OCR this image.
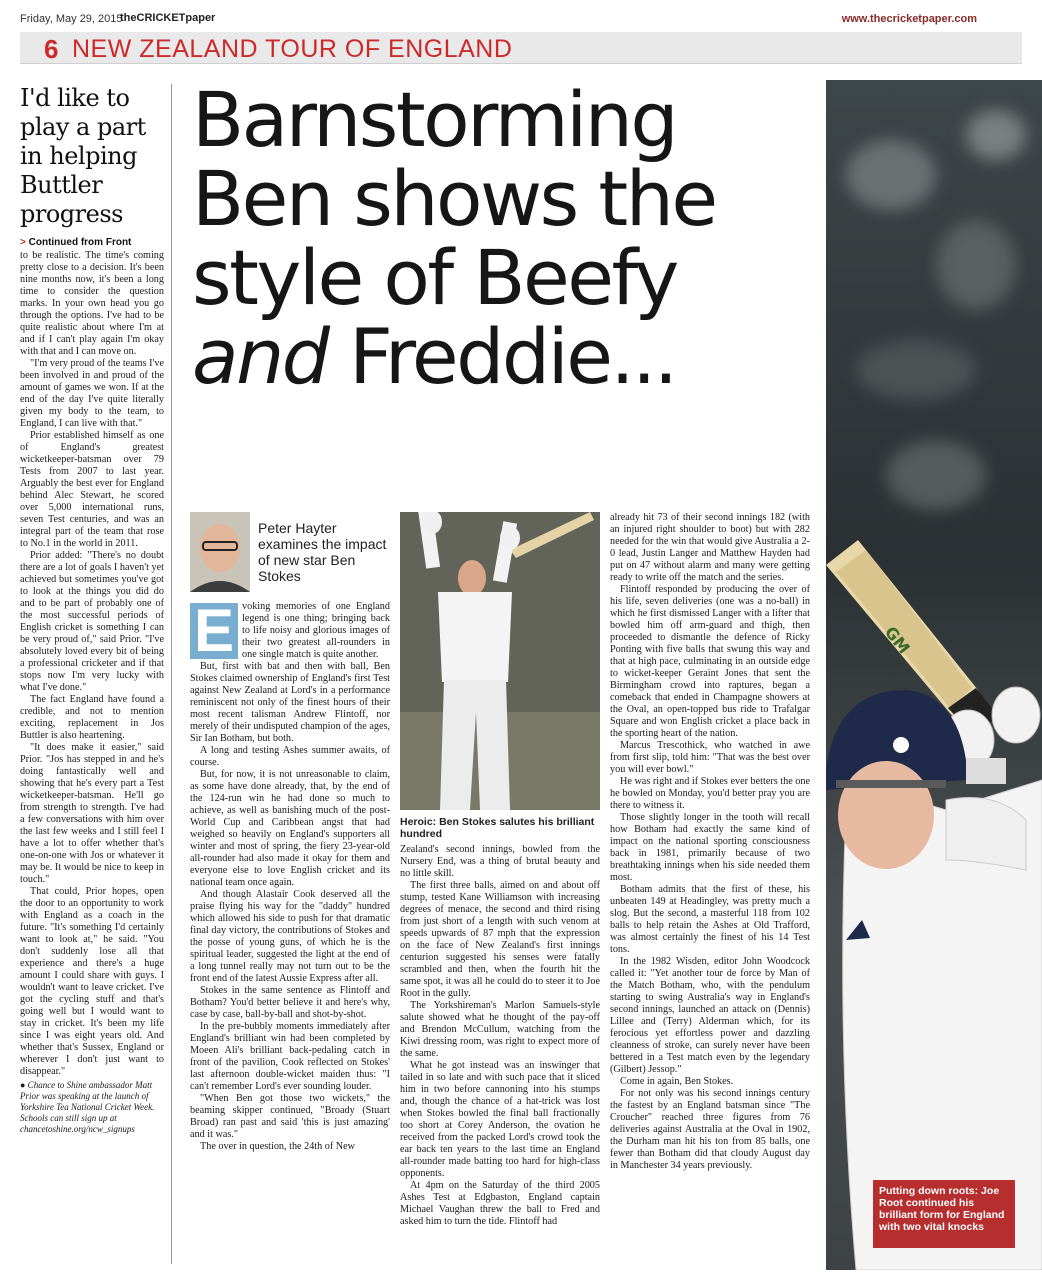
Friday, May 29, 2015
theCRICKETpaper	www.thecricketpaper.com
6 NEW ZEALAND TOUR OF ENGLAND
I'd like to play a part in helping Buttler progress
> Continued from Front

to be realistic. The time's coming pretty close to a decision. It's been nine months now, it's been a long time to consider the question marks. In your own head you go through the options. I've had to be quite realistic about where I'm at and if I can't play again I'm okay with that and I can move on.

"I'm very proud of the teams I've been involved in and proud of the amount of games we won. If at the end of the day I've quite literally given my body to the team, to England, I can live with that."

Prior established himself as one of England's greatest wicketkeeper-batsman over 79 Tests from 2007 to last year. Arguably the best ever for England behind Alec Stewart, he scored over 5,000 international runs, seven Test centuries, and was an integral part of the team that rose to No.1 in the world in 2011.

Prior added: "There's no doubt there are a lot of goals I haven't yet achieved but sometimes you've got to look at the things you did do and to be part of probably one of the most successful periods of English cricket is something I can be very proud of," said Prior. "I've absolutely loved every bit of being a professional cricketer and if that stops now I'm very lucky with what I've done."

The fact England have found a credible, and not to mention exciting, replacement in Jos Buttler is also heartening.

"It does make it easier," said Prior. "Jos has stepped in and he's doing fantastically well and showing that he's every part a Test wicketkeeper-batsman. He'll go from strength to strength. I've had a few conversations with him over the last few weeks and I still feel I have a lot to offer whether that's one-on-one with Jos or whatever it may be. It would be nice to keep in touch."

That could, Prior hopes, open the door to an opportunity to work with England as a coach in the future. "It's something I'd certainly want to look at," he said. "You don't suddenly lose all that experience and there's a huge amount I could share with guys. I wouldn't want to leave cricket. I've got the cycling stuff and that's going well but I would want to stay in cricket. It's been my life since I was eight years old. And whether that's Sussex, England or wherever I don't just want to disappear."

● Chance to Shine ambassador Matt Prior was speaking at the launch of Yorkshire Tea National Cricket Week. Schools can still sign up at chancetoshine.org/ncw_signups
Barnstorming
Ben shows the
style of Beefy
and Freddie...
GM
Putting down roots: Joe Root continued his brilliant form for England with two vital knocks
Peter Hayter examines the impact of new star Ben Stokes

E voking memories of one England legend is one thing; bringing back to life noisy and glorious images of their two greatest all-rounders in one single match is quite another.

But, first with bat and then with ball, Ben Stokes claimed ownership of England's first Test against New Zealand at Lord's in a performance reminiscent not only of the finest hours of their most recent talisman Andrew Flintoff, nor merely of their undisputed champion of the ages, Sir Ian Botham, but both.

A long and testing Ashes summer awaits, of course.

But, for now, it is not unreasonable to claim, as some have done already, that, by the end of the 124-run win he had done so much to achieve, as well as banishing much of the post-World Cup and Caribbean angst that had weighed so heavily on England's supporters all winter and most of spring, the fiery 23-year-old all-rounder had also made it okay for them and everyone else to love English cricket and its national team once again.

And though Alastair Cook deserved all the praise flying his way for the "daddy" hundred which allowed his side to push for that dramatic final day victory, the contributions of Stokes and the posse of young guns, of which he is the spiritual leader, suggested the light at the end of a long tunnel really may not turn out to be the front end of the latest Aussie Express after all.

Stokes in the same sentence as Flintoff and Botham? You'd better believe it and here's why, case by case, ball-by-ball and shot-by-shot.

In the pre-bubbly moments immediately after England's brilliant win had been completed by Moeen Ali's brilliant back-pedaling catch in front of the pavilion, Cook reflected on Stokes' last afternoon double-wicket maiden thus: "I can't remember Lord's ever sounding louder.

"When Ben got those two wickets," the beaming skipper continued, "Broady (Stuart Broad) ran past and said 'this is just amazing' and it was."

The over in question, the 24th of New

Heroic: Ben Stokes salutes his brilliant hundred

Zealand's second innings, bowled from the Nursery End, was a thing of brutal beauty and no little skill.

The first three balls, aimed on and about off stump, tested Kane Williamson with increasing degrees of menace, the second and third rising from just short of a length with such venom at speeds upwards of 87 mph that the expression on the face of New Zealand's first innings centurion suggested his senses were fatally scrambled and then, when the fourth hit the same spot, it was all he could do to steer it to Joe Root in the gully.

The Yorkshireman's Marlon Samuels-style salute showed what he thought of the pay-off and Brendon McCullum, watching from the Kiwi dressing room, was right to expect more of the same.

What he got instead was an inswinger that tailed in so late and with such pace that it sliced him in two before cannoning into his stumps and, though the chance of a hat-trick was lost when Stokes bowled the final ball fractionally too short at Corey Anderson, the ovation he received from the packed Lord's crowd took the ear back ten years to the last time an England all-rounder made batting too hard for high-class opponents.

At 4pm on the Saturday of the third 2005 Ashes Test at Edgbaston, England captain Michael Vaughan threw the ball to Fred and asked him to turn the tide. Flintoff had

already hit 73 of their second innings 182 (with an injured right shoulder to boot) but with 282 needed for the win that would give Australia a 2-0 lead, Justin Langer and Matthew Hayden had put on 47 without alarm and many were getting ready to write off the match and the series.

Flintoff responded by producing the over of his life, seven deliveries (one was a no-ball) in which he first dismissed Langer with a lifter that bowled him off arm-guard and thigh, then proceeded to dismantle the defence of Ricky Ponting with five balls that swung this way and that at high pace, culminating in an outside edge to wicket-keeper Geraint Jones that sent the Birmingham crowd into raptures, began a comeback that ended in Champagne showers at the Oval, an open-topped bus ride to Trafalgar Square and won English cricket a place back in the sporting heart of the nation.

Marcus Trescothick, who watched in awe from first slip, told him: "That was the best over you will ever bowl."

He was right and if Stokes ever betters the one he bowled on Monday, you'd better pray you are there to witness it.

Those slightly longer in the tooth will recall how Botham had exactly the same kind of impact on the national sporting consciousness back in 1981, primarily because of two breathtaking innings when his side needed them most.

Botham admits that the first of these, his unbeaten 149 at Headingley, was pretty much a slog. But the second, a masterful 118 from 102 balls to help retain the Ashes at Old Trafford, was almost certainly the finest of his 14 Test tons.

In the 1982 Wisden, editor John Woodcock called it: "Yet another tour de force by Man of the Match Botham, who, with the pendulum starting to swing Australia's way in England's second innings, launched an attack on (Dennis) Lillee and (Terry) Alderman which, for its ferocious yet effortless power and dazzling cleanness of stroke, can surely never have been bettered in a Test match even by the legendary (Gilbert) Jessop."

Come in again, Ben Stokes.

For not only was his second innings century the fastest by an England batsman since "The Croucher" reached three figures from 76 deliveries against Australia at the Oval in 1902, the Durham man hit his ton from 85 balls, one fewer than Botham did that cloudy August day in Manchester 34 years previously.
